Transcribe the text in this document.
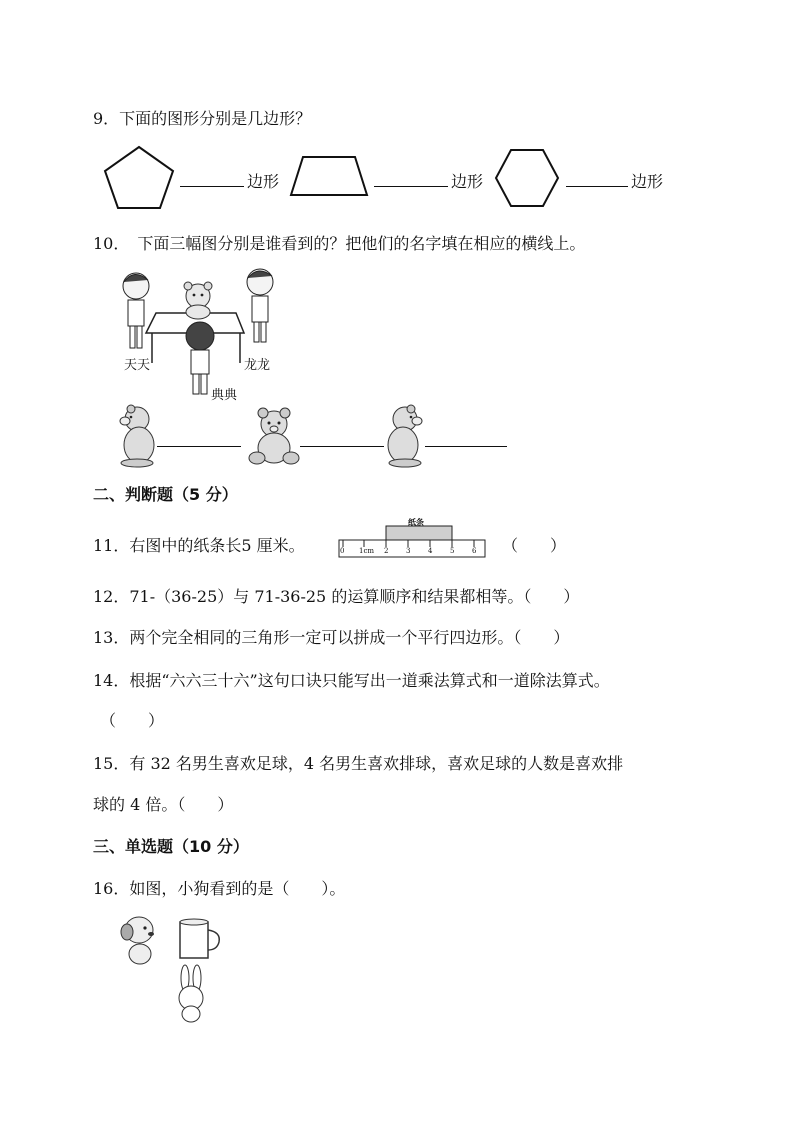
9．下面的图形分别是几边形？
边形	边形	边形
10．　下面三幅图分别是谁看到的？把他们的名字填在相应的横线上。
天天	龙龙
典典
二、判断题（5 分）
11．右图中的纸条长5 厘米。
纸条
0 1cm 2	3	4	5	6 （　　）
12．71-（36-25）与 71-36-25 的运算顺序和结果都相等。（　　）
13．两个完全相同的三角形一定可以拼成一个平行四边形。（　　）
14．根据“六六三十六”这句口诀只能写出一道乘法算式和一道除法算式。
（　　）
15．有 32 名男生喜欢足球，4 名男生喜欢排球，喜欢足球的人数是喜欢排
球的 4 倍。（　　）
三、单选题（10 分）
16．如图，小狗看到的是（　　）。
